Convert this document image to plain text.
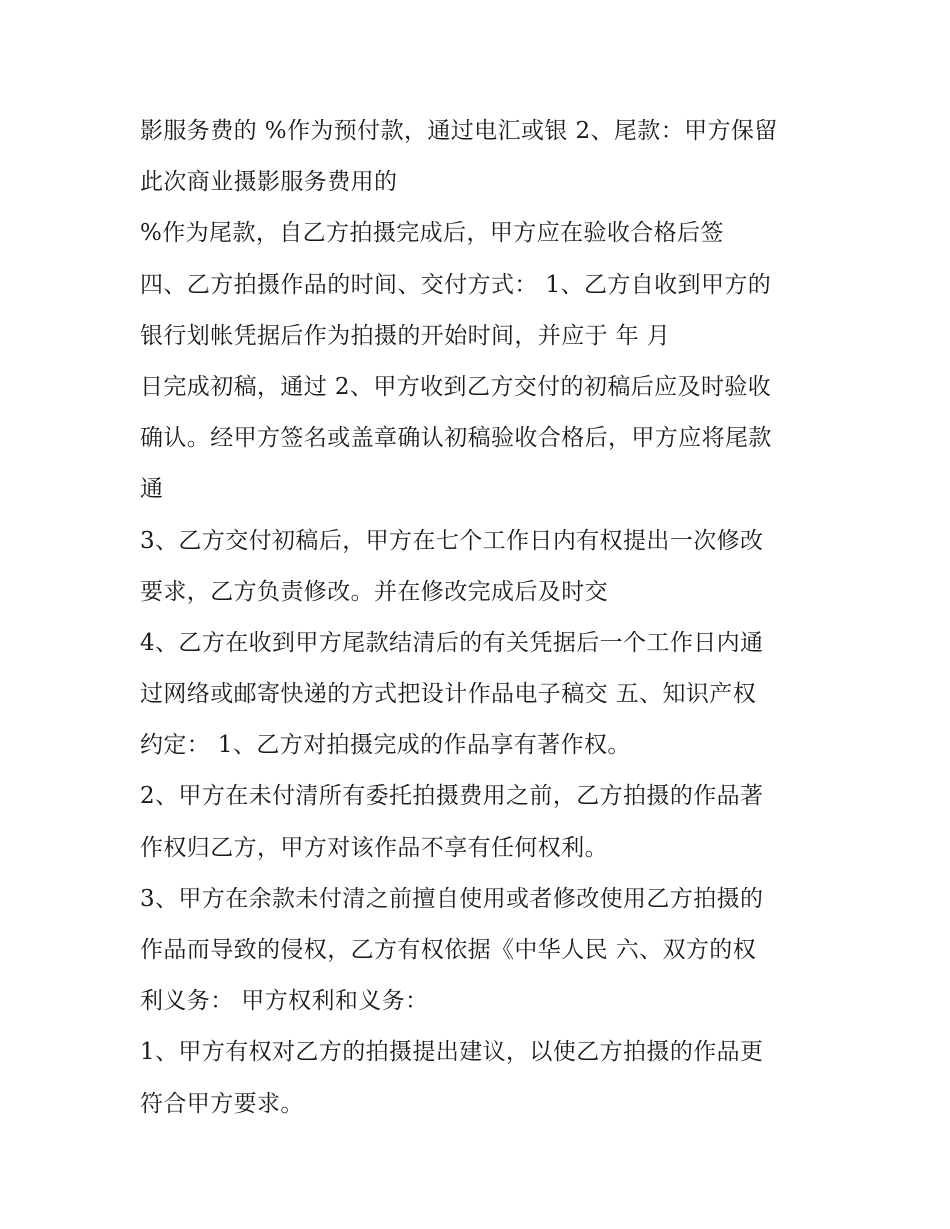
影服务费的 %作为预付款，通过电汇或银 2、尾款：甲方保留
此次商业摄影服务费用的
%作为尾款，自乙方拍摄完成后，甲方应在验收合格后签
四、乙方拍摄作品的时间、交付方式： 1、乙方自收到甲方的
银行划帐凭据后作为拍摄的开始时间，并应于 年 月
日完成初稿，通过 2、甲方收到乙方交付的初稿后应及时验收
确认。经甲方签名或盖章确认初稿验收合格后，甲方应将尾款
通
3、乙方交付初稿后，甲方在七个工作日内有权提出一次修改
要求，乙方负责修改。并在修改完成后及时交
4、乙方在收到甲方尾款结清后的有关凭据后一个工作日内通
过网络或邮寄快递的方式把设计作品电子稿交 五、知识产权
约定： 1、乙方对拍摄完成的作品享有著作权。
2、甲方在未付清所有委托拍摄费用之前，乙方拍摄的作品著
作权归乙方，甲方对该作品不享有任何权利。
3、甲方在余款未付清之前擅自使用或者修改使用乙方拍摄的
作品而导致的侵权，乙方有权依据《中华人民 六、双方的权
利义务： 甲方权利和义务：
1、甲方有权对乙方的拍摄提出建议，以使乙方拍摄的作品更
符合甲方要求。
